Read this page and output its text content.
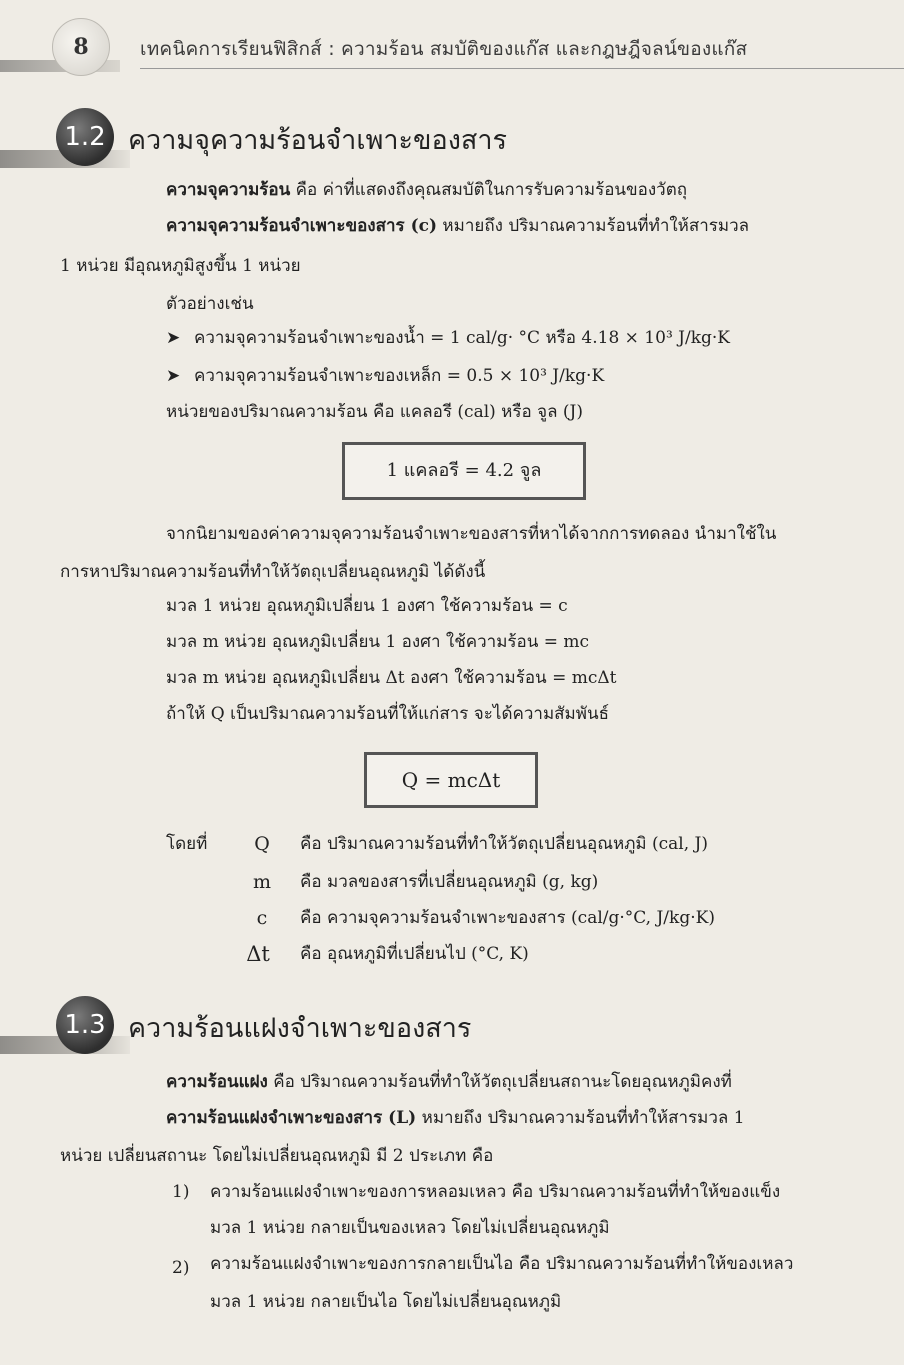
8	เทคนิคการเรียนฟิสิกส์ : ความร้อน สมบัติของแก๊ส และกฎษฎีจลน์ของแก๊ส
1.2 ความจุความร้อนจำเพาะของสาร
ความจุความร้อน คือ ค่าที่แสดงถึงคุณสมบัติในการรับความร้อนของวัตถุ
ความจุความร้อนจำเพาะของสาร (c) หมายถึง ปริมาณความร้อนที่ทำให้สารมวล
1 หน่วย มีอุณหภูมิสูงขึ้น 1 หน่วย
ตัวอย่างเช่น
➤ ความจุความร้อนจำเพาะของน้ำ = 1 cal/g· °C หรือ 4.18 × 10³ J/kg·K
➤ ความจุความร้อนจำเพาะของเหล็ก = 0.5 × 10³ J/kg·K
หน่วยของปริมาณความร้อน คือ แคลอรี (cal) หรือ จูล (J)
1 แคลอรี = 4.2 จูล
จากนิยามของค่าความจุความร้อนจำเพาะของสารที่หาได้จากการทดลอง นำมาใช้ใน
การหาปริมาณความร้อนที่ทำให้วัตถุเปลี่ยนอุณหภูมิ ได้ดังนี้
มวล 1 หน่วย อุณหภูมิเปลี่ยน 1 องศา ใช้ความร้อน = c
มวล m หน่วย อุณหภูมิเปลี่ยน 1 องศา ใช้ความร้อน = mc
มวล m หน่วย อุณหภูมิเปลี่ยน Δt องศา ใช้ความร้อน = mcΔt
ถ้าให้ Q เป็นปริมาณความร้อนที่ให้แก่สาร จะได้ความสัมพันธ์
Q = mcΔt
โดยที่	Q	คือ ปริมาณความร้อนที่ทำให้วัตถุเปลี่ยนอุณหภูมิ (cal, J)
m	คือ มวลของสารที่เปลี่ยนอุณหภูมิ (g, kg)
c	คือ ความจุความร้อนจำเพาะของสาร (cal/g·°C, J/kg·K)
Δt	คือ อุณหภูมิที่เปลี่ยนไป (°C, K)
1.3 ความร้อนแฝงจำเพาะของสาร
ความร้อนแฝง คือ ปริมาณความร้อนที่ทำให้วัตถุเปลี่ยนสถานะโดยอุณหภูมิคงที่
ความร้อนแฝงจำเพาะของสาร (L) หมายถึง ปริมาณความร้อนที่ทำให้สารมวล 1
หน่วย เปลี่ยนสถานะ โดยไม่เปลี่ยนอุณหภูมิ มี 2 ประเภท คือ
1) ความร้อนแฝงจำเพาะของการหลอมเหลว คือ ปริมาณความร้อนที่ทำให้ของแข็ง
มวล 1 หน่วย กลายเป็นของเหลว โดยไม่เปลี่ยนอุณหภูมิ
2) ความร้อนแฝงจำเพาะของการกลายเป็นไอ คือ ปริมาณความร้อนที่ทำให้ของเหลว
มวล 1 หน่วย กลายเป็นไอ โดยไม่เปลี่ยนอุณหภูมิ
